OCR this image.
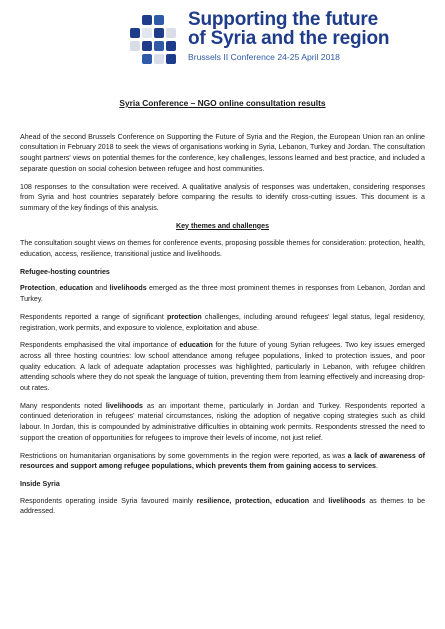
Supporting the future
of Syria and the region
Brussels II Conference 24-25 April 2018
Syria Conference – NGO online consultation results

Ahead of the second Brussels Conference on Supporting the Future of Syria and the Region, the European Union ran an online consultation in February 2018 to seek the views of organisations working in Syria, Lebanon, Turkey and Jordan. The consultation sought partners' views on potential themes for the conference, key challenges, lessons learned and best practice, and included a separate question on social cohesion between refugee and host communities.

108 responses to the consultation were received. A qualitative analysis of responses was undertaken, considering responses from Syria and host countries separately before comparing the results to identify cross-cutting issues. This document is a summary of the key findings of this analysis.

Key themes and challenges

The consultation sought views on themes for conference events, proposing possible themes for consideration: protection, health, education, access, resilience, transitional justice and livelihoods.

Refugee-hosting countries

Protection, education and livelihoods emerged as the three most prominent themes in responses from Lebanon, Jordan and Turkey.

Respondents reported a range of significant protection challenges, including around refugees' legal status, legal residency, registration, work permits, and exposure to violence, exploitation and abuse.

Respondents emphasised the vital importance of education for the future of young Syrian refugees. Two key issues emerged across all three hosting countries: low school attendance among refugee populations, linked to protection issues, and poor quality education. A lack of adequate adaptation processes was highlighted, particularly in Lebanon, with refugee children attending schools where they do not speak the language of tuition, preventing them from learning effectively and increasing drop-out rates.

Many respondents noted livelihoods as an important theme, particularly in Jordan and Turkey. Respondents reported a continued deterioration in refugees' material circumstances, risking the adoption of negative coping strategies such as child labour. In Jordan, this is compounded by administrative difficulties in obtaining work permits. Respondents stressed the need to support the creation of opportunities for refugees to improve their levels of income, not just relief.

Restrictions on humanitarian organisations by some governments in the region were reported, as was a lack of awareness of resources and support among refugee populations, which prevents them from gaining access to services.

Inside Syria

Respondents operating inside Syria favoured mainly resilience, protection, education and livelihoods as themes to be addressed.
